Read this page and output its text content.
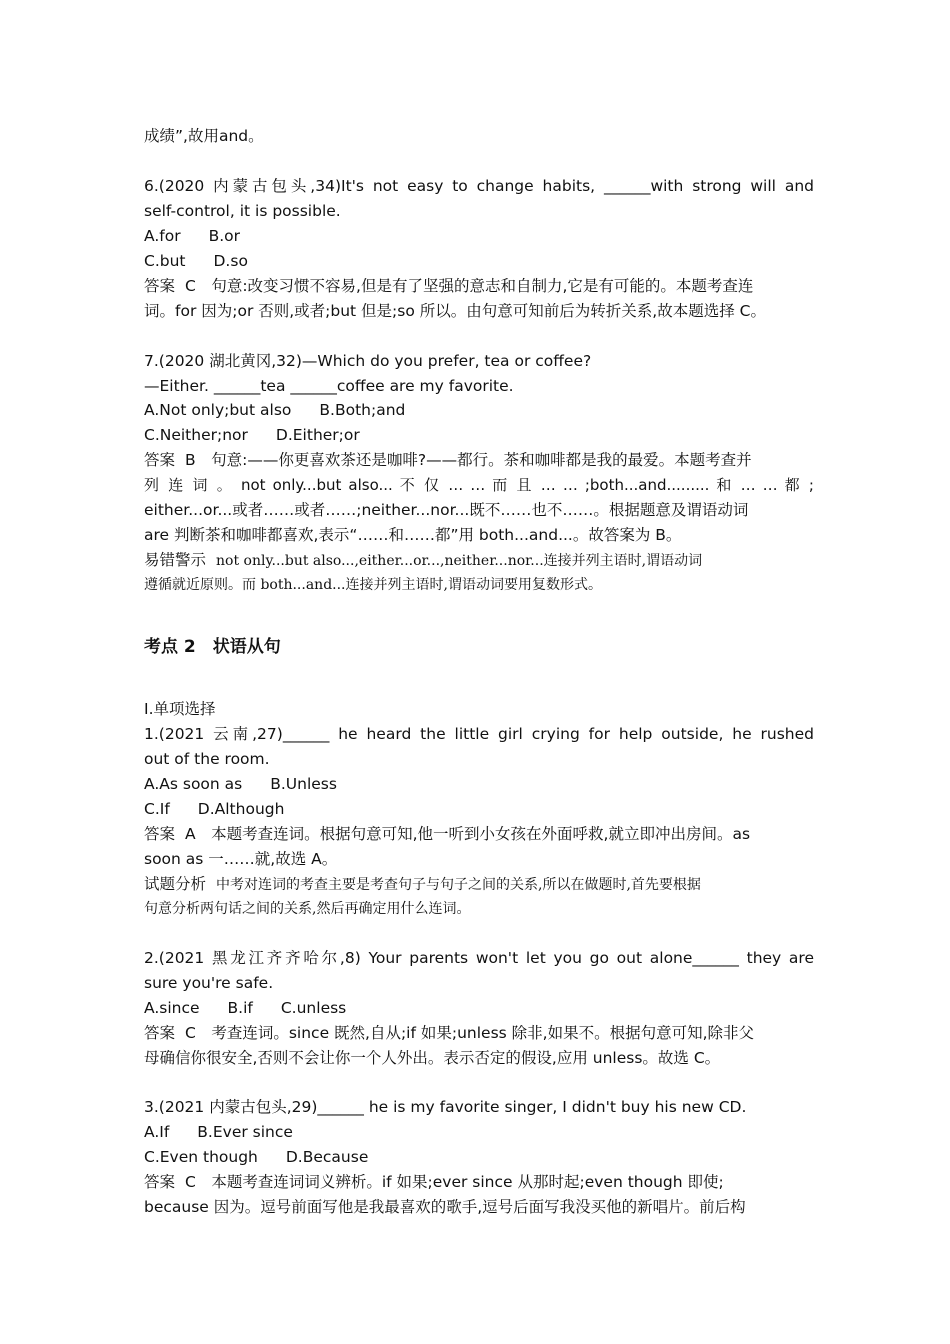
成绩”,故用and。
6.(2020 内蒙古包头,34)It's not easy to change habits, ______with strong will and
self-control, it is possible.
A.for B.or
C.but D.so
答案 C　句意:改变习惯不容易,但是有了坚强的意志和自制力,它是有可能的。本题考查连
词。for 因为;or 否则,或者;but 但是;so 所以。由句意可知前后为转折关系,故本题选择 C。
7.(2020 湖北黄冈,32)—Which do you prefer, tea or coffee?
—Either. ______tea ______coffee are my favorite.
A.Not only;but also B.Both;and
C.Neither;nor D.Either;or
答案 B　句意:——你更喜欢茶还是咖啡?——都行。茶和咖啡都是我的最爱。本题考查并
列 连 词 。 not only...but also... 不 仅 … … 而 且 … … ;both...and......... 和 … … 都 ;
either...or...或者……或者……;neither...nor...既不……也不……。根据题意及谓语动词
are 判断茶和咖啡都喜欢,表示“……和……都”用 both...and...。故答案为 B。
易错警示 not only...but also...,either...or...,neither...nor...连接并列主语时,谓语动词
遵循就近原则。而 both...and...连接并列主语时,谓语动词要用复数形式。
考点 2　状语从句
I.单项选择
1.(2021 云南,27)______ he heard the little girl crying for help outside, he rushed
out of the room.
A.As soon as B.Unless
C.If D.Although
答案 A　本题考查连词。根据句意可知,他一听到小女孩在外面呼救,就立即冲出房间。as
soon as 一……就,故选 A。
试题分析 中考对连词的考查主要是考查句子与句子之间的关系,所以在做题时,首先要根据
句意分析两句话之间的关系,然后再确定用什么连词。
2.(2021 黑龙江齐齐哈尔,8) Your parents won't let you go out alone______ they are
sure you're safe.
A.since B.if C.unless
答案 C　考查连词。since 既然,自从;if 如果;unless 除非,如果不。根据句意可知,除非父
母确信你很安全,否则不会让你一个人外出。表示否定的假设,应用 unless。故选 C。
3.(2021 内蒙古包头,29)______ he is my favorite singer, I didn't buy his new CD.
A.If B.Ever since
C.Even though D.Because
答案 C　本题考查连词词义辨析。if 如果;ever since 从那时起;even though 即使;
because 因为。逗号前面写他是我最喜欢的歌手,逗号后面写我没买他的新唱片。前后构
